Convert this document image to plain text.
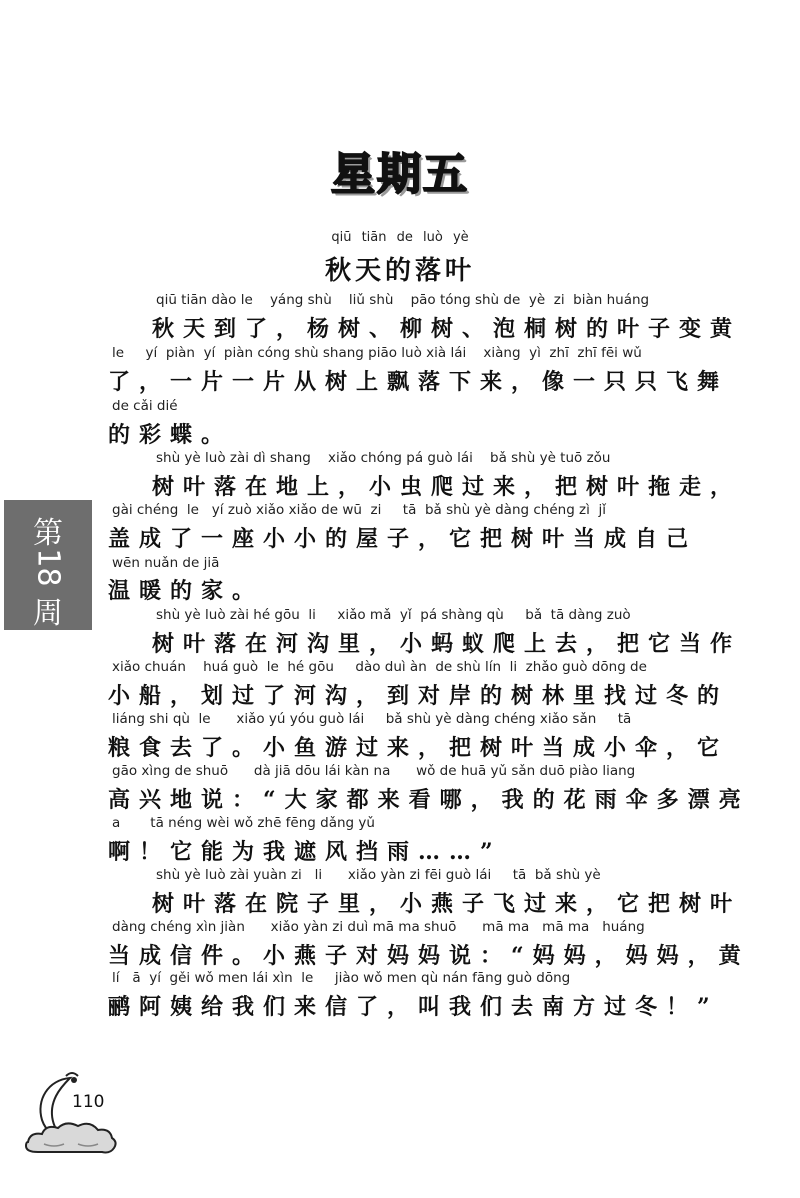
星期五
qiū tiān de luò yè
秋天的落叶
qiū tiān dào le    yáng shù    liǔ shù    pāo tóng shù de  yè  zi  biàn huáng
秋天到了，杨树、柳树、泡桐树的叶子变黄
le     yí  piàn  yí  piàn cóng shù shang piāo luò xià lái    xiàng  yì  zhī  zhī fēi wǔ
了，一片一片从树上飘落下来，像一只只飞舞
de cǎi dié
的彩蝶。
shù yè luò zài dì shang    xiǎo chóng pá guò lái    bǎ shù yè tuō zǒu
树叶落在地上，小虫爬过来，把树叶拖走，
gài chéng  le   yí zuò xiǎo xiǎo de wū  zi     tā  bǎ shù yè dàng chéng zì  jǐ
盖成了一座小小的屋子，它把树叶当成自己
wēn nuǎn de jiā
温暖的家。
shù yè luò zài hé gōu  li     xiǎo mǎ  yǐ  pá shàng qù     bǎ  tā dàng zuò
树叶落在河沟里，小蚂蚁爬上去，把它当作
xiǎo chuán    huá guò  le  hé gōu     dào duì àn  de shù lín  li  zhǎo guò dōng de
小船，划过了河沟，到对岸的树林里找过冬的
liáng shi qù  le      xiǎo yú yóu guò lái     bǎ shù yè dàng chéng xiǎo sǎn     tā
粮食去了。小鱼游过来，把树叶当成小伞，它
gāo xìng de shuō      dà jiā dōu lái kàn na      wǒ de huā yǔ sǎn duō piào liang
高兴地说：“大家都来看哪，我的花雨伞多漂亮
a       tā néng wèi wǒ zhē fēng dǎng yǔ
啊！它能为我遮风挡雨……”
shù yè luò zài yuàn zi   li      xiǎo yàn zi fēi guò lái     tā  bǎ shù yè
树叶落在院子里，小燕子飞过来，它把树叶
dàng chéng xìn jiàn      xiǎo yàn zi duì mā ma shuō      mā ma   mā ma   huáng
当成信件。小燕子对妈妈说：“妈妈，妈妈，黄
lí   ā  yí  gěi wǒ men lái xìn  le     jiào wǒ men qù nán fāng guò dōng
鹂阿姨给我们来信了，叫我们去南方过冬！”
第
18
周
110
